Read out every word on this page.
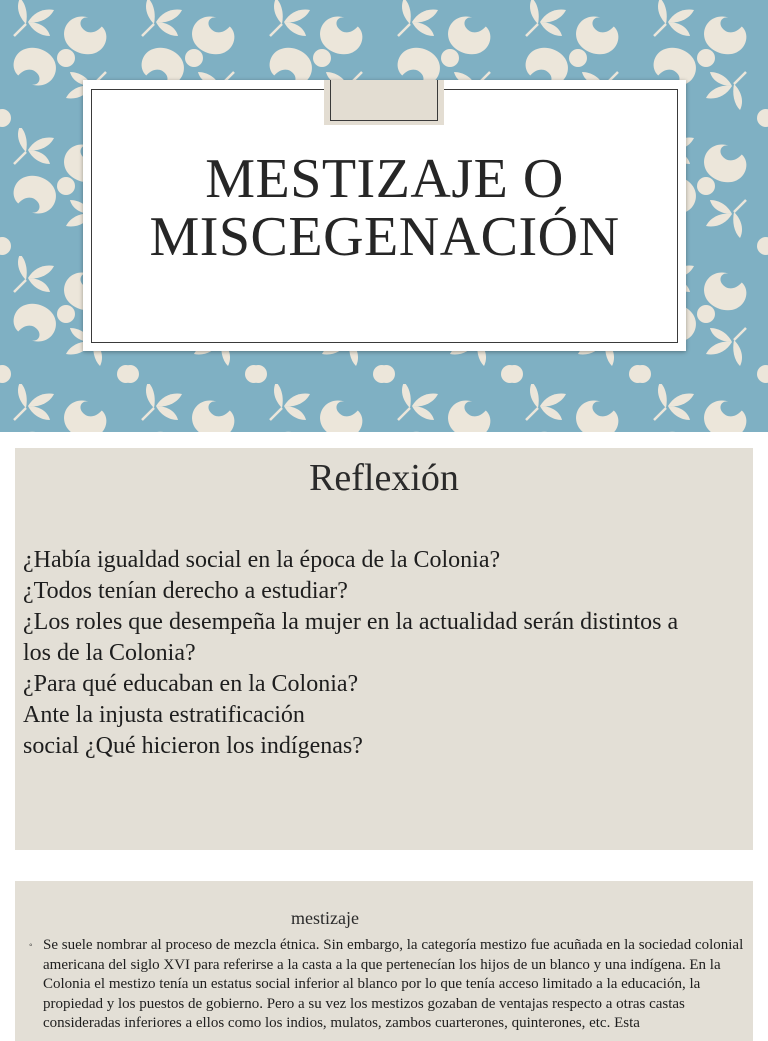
MESTIZAJE O
MISCEGENACIÓN
Reflexión
¿Había igualdad social en la época de la Colonia?
¿Todos tenían derecho a estudiar?
¿Los roles que desempeña la mujer en la actualidad serán distintos a
los de la Colonia?
¿Para qué educaban en la Colonia?
Ante la injusta estratificación
social ¿Qué hicieron los indígenas?
mestizaje
◦ Se suele nombrar al proceso de mezcla étnica. Sin embargo, la categoría mestizo fue acuñada en la sociedad colonial americana del siglo XVI para referirse a la casta a la que pertenecían los hijos de un blanco y una indígena. En la Colonia el mestizo tenía un estatus social inferior al blanco por lo que tenía acceso limitado a la educación, la propiedad y los puestos de gobierno. Pero a su vez los mestizos gozaban de ventajas respecto a otras castas consideradas inferiores a ellos como los indios, mulatos, zambos cuarterones, quinterones, etc. Esta
